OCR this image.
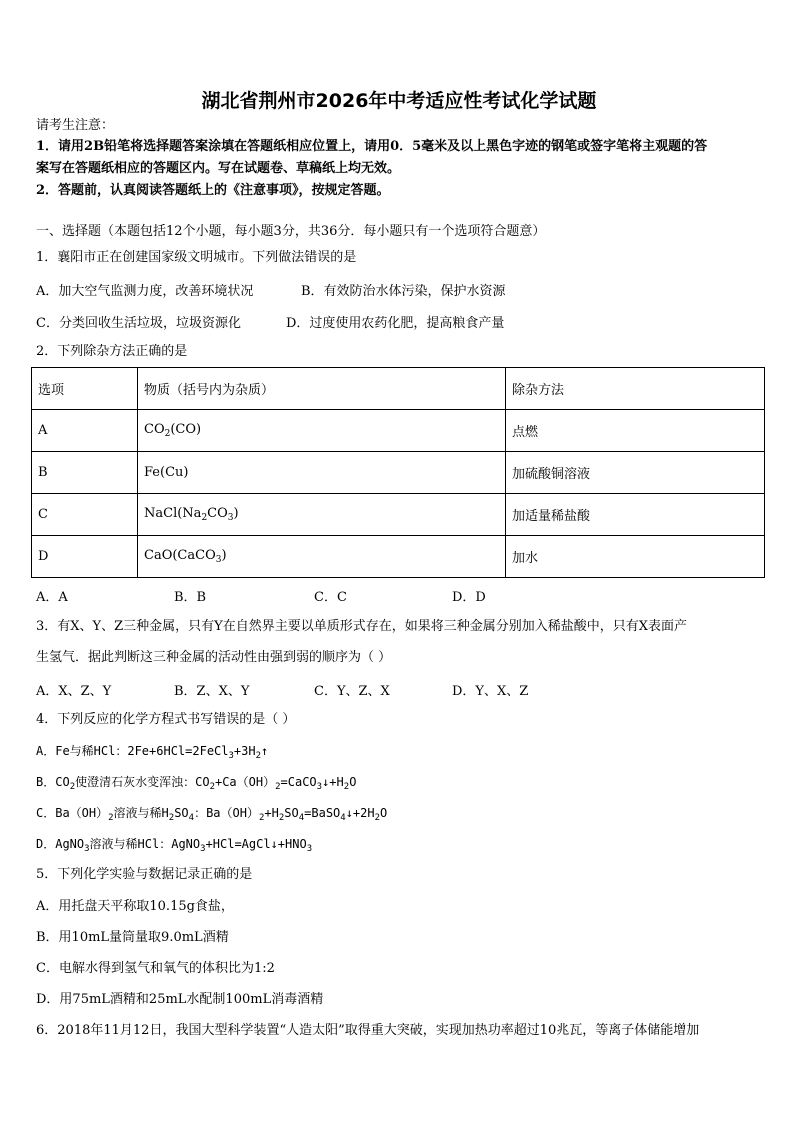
湖北省荆州市2026年中考适应性考试化学试题
请考生注意：
1．请用2B铅笔将选择题答案涂填在答题纸相应位置上，请用0．5毫米及以上黑色字迹的钢笔或签字笔将主观题的答
案写在答题纸相应的答题区内。写在试题卷、草稿纸上均无效。
2．答题前，认真阅读答题纸上的《注意事项》，按规定答题。
一、选择题（本题包括12个小题，每小题3分，共36分．每小题只有一个选项符合题意）
1．襄阳市正在创建国家级文明城市。下列做法错误的是
A．加大空气监测力度，改善环境状况	B．有效防治水体污染，保护水资源
C．分类回收生活垃圾，垃圾资源化	D．过度使用农药化肥，提高粮食产量
2．下列除杂方法正确的是
选项	物质（括号内为杂质）	除杂方法
A	$CO_2(CO)$	点燃
B	Fe(Cu)	加硫酸铜溶液
C	$NaCl(Na_2CO_3)$	加适量稀盐酸
D	CaO(CaCO$_3$)	加水
A．A	B．B	C．C	D．D
3．有X、Y、Z三种金属，只有Y在自然界主要以单质形式存在，如果将三种金属分别加入稀盐酸中，只有X表面产
生氢气．据此判断这三种金属的活动性由强到弱的顺序为（ ）
A．X、Z、Y	B．Z、X、Y	C．Y、Z、X	D．Y、X、Z
4．下列反应的化学方程式书写错误的是（ ）
A．Fe与稀HCl：$2Fe+6HCl=2FeCl_3+3H_2↑$
B．$CO_2$使澄清石灰水变浑浊：$CO_2+Ca(OH)_2=CaCO_3↓+H_2O$
C．$Ba(OH)_2$溶液与稀$H_2SO_4$：$Ba(OH)_2+H_2SO_4=BaSO_4↓+2H_2O$
D．AgNO$_3$溶液与稀HCl：$AgNO_3+HCl=AgCl↓+HNO_3$
5．下列化学实验与数据记录正确的是
A．用托盘天平称取10.15g食盐，
B．用10mL量筒量取9.0mL酒精
C．电解水得到氢气和氧气的体积比为1:2
D．用75mL酒精和25mL水配制100mL消毒酒精
6．2018年11月12日，我国大型科学装置“人造太阳”取得重大突破，实现加热功率超过10兆瓦，等离子体储能增加
